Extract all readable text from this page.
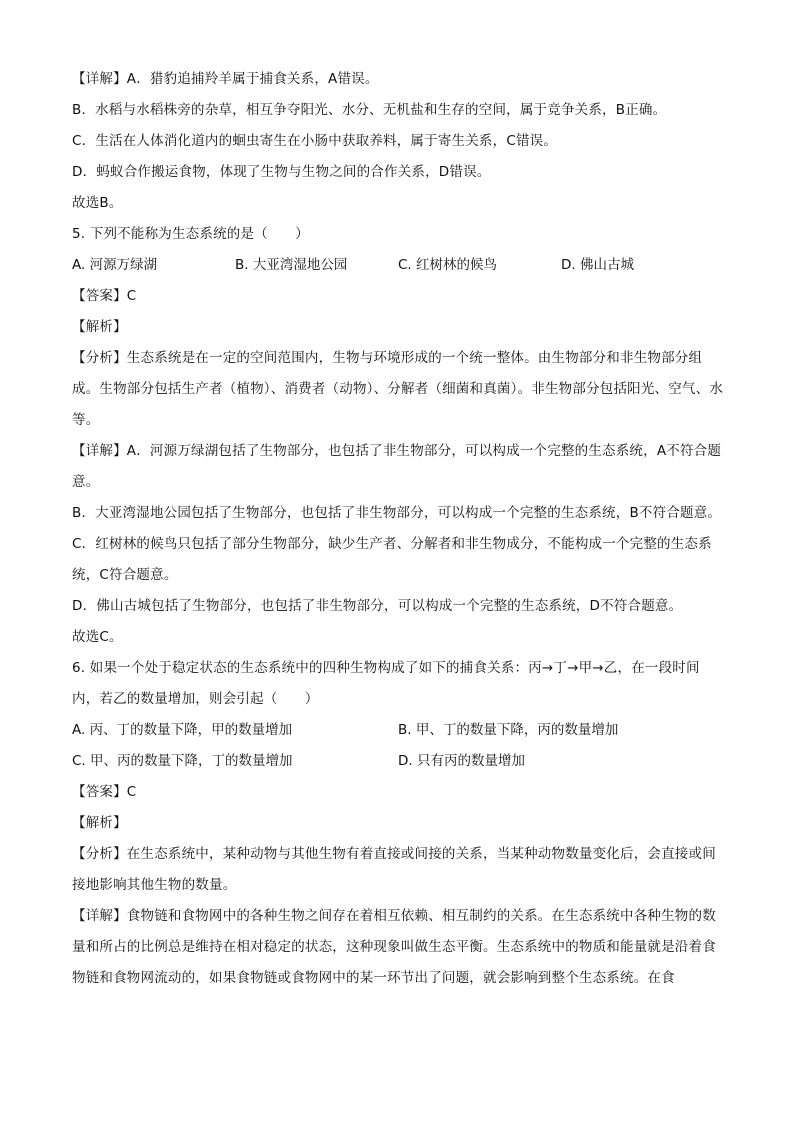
【详解】A．猎豹追捕羚羊属于捕食关系，A错误。
B．水稻与水稻株旁的杂草，相互争夺阳光、水分、无机盐和生存的空间，属于竞争关系，B正确。
C．生活在人体消化道内的蛔虫寄生在小肠中获取养料，属于寄生关系，C错误。
D．蚂蚁合作搬运食物，体现了生物与生物之间的合作关系，D错误。
故选B。
5. 下列不能称为生态系统的是（　　）
A. 河源万绿湖	B. 大亚湾湿地公园	C. 红树林的候鸟	D. 佛山古城
【答案】C
【解析】
【分析】生态系统是在一定的空间范围内，生物与环境形成的一个统一整体。由生物部分和非生物部分组成。生物部分包括生产者（植物）、消费者（动物）、分解者（细菌和真菌）。非生物部分包括阳光、空气、水等。
【详解】A．河源万绿湖包括了生物部分，也包括了非生物部分，可以构成一个完整的生态系统，A不符合题意。
B．大亚湾湿地公园包括了生物部分，也包括了非生物部分，可以构成一个完整的生态系统，B不符合题意。
C．红树林的候鸟只包括了部分生物部分，缺少生产者、分解者和非生物成分，不能构成一个完整的生态系统，C符合题意。
D．佛山古城包括了生物部分，也包括了非生物部分，可以构成一个完整的生态系统，D不符合题意。
故选C。
6. 如果一个处于稳定状态的生态系统中的四种生物构成了如下的捕食关系：丙→丁→甲→乙，在一段时间内，若乙的数量增加，则会引起（　　）
A. 丙、丁的数量下降，甲的数量增加	B. 甲、丁的数量下降，丙的数量增加
C. 甲、丙的数量下降，丁的数量增加	D. 只有丙的数量增加
【答案】C
【解析】
【分析】在生态系统中，某种动物与其他生物有着直接或间接的关系，当某种动物数量变化后，会直接或间接地影响其他生物的数量。
【详解】食物链和食物网中的各种生物之间存在着相互依赖、相互制约的关系。在生态系统中各种生物的数量和所占的比例总是维持在相对稳定的状态，这种现象叫做生态平衡。生态系统中的物质和能量就是沿着食物链和食物网流动的，如果食物链或食物网中的某一环节出了问题，就会影响到整个生态系统。在食
